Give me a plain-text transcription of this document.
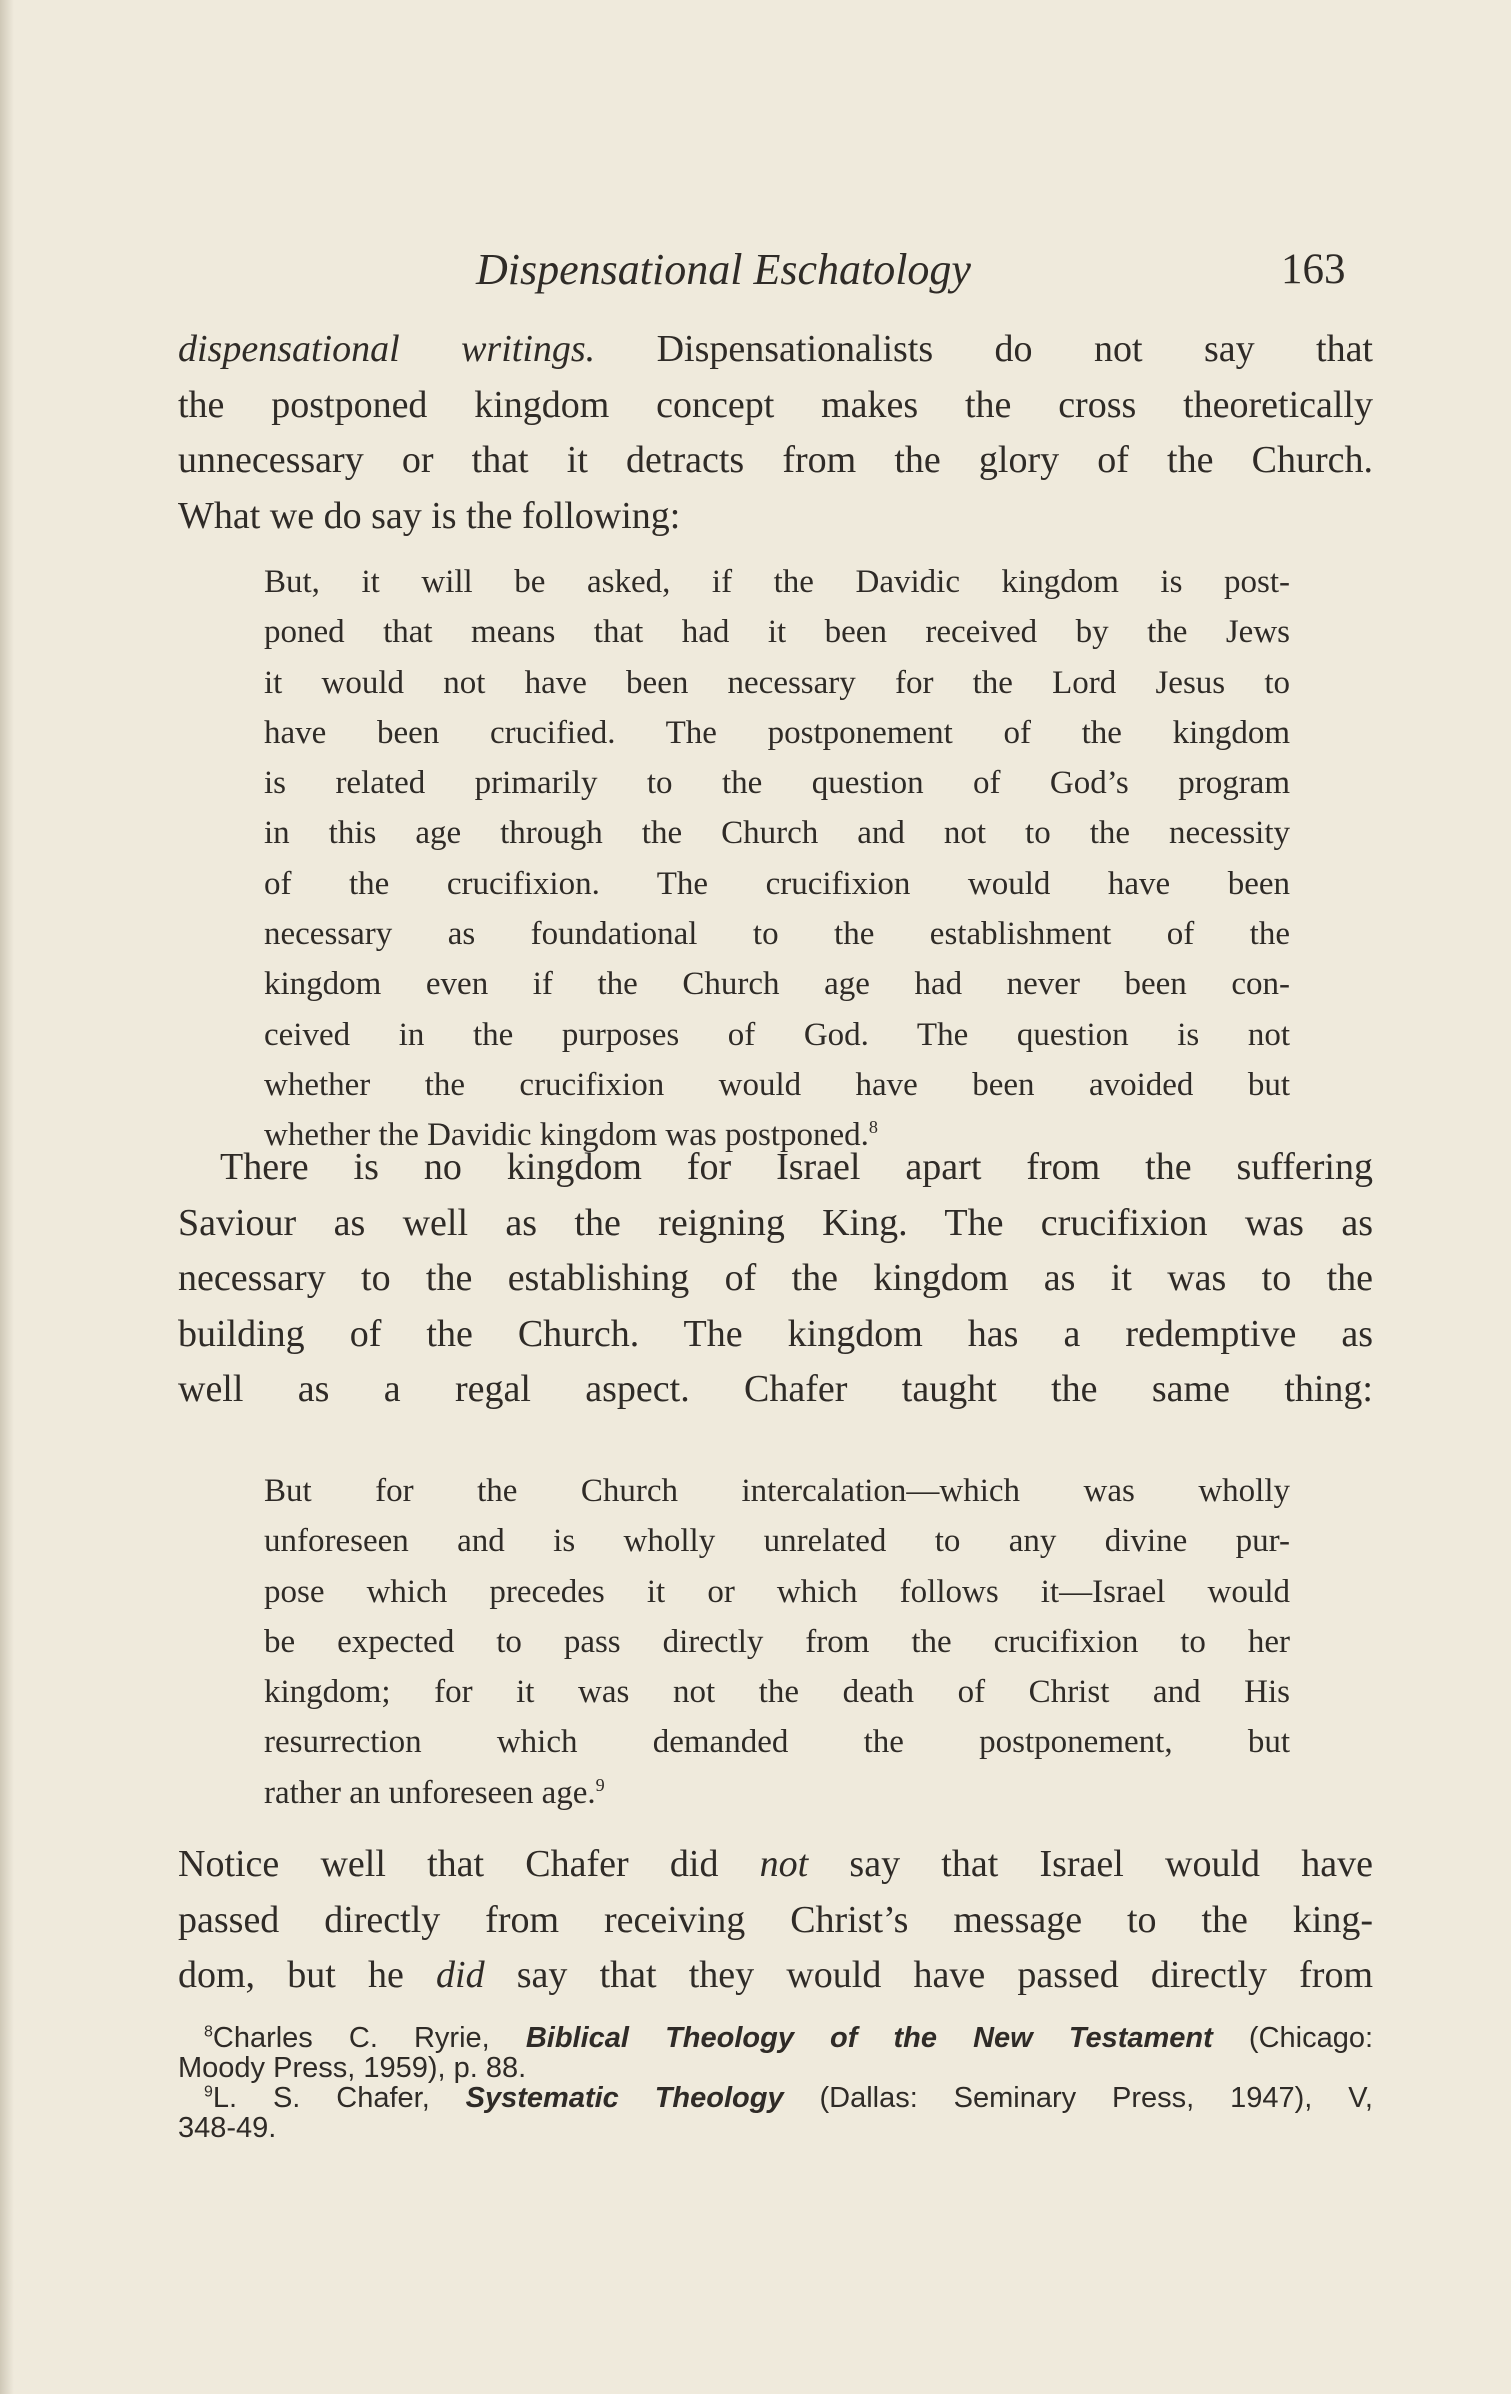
Dispensational Eschatology	163
dispensational writings. Dispensationalists do not say that
the postponed kingdom concept makes the cross theoretically
unnecessary or that it detracts from the glory of the Church.
What we do say is the following:
But, it will be asked, if the Davidic kingdom is post-
poned that means that had it been received by the Jews
it would not have been necessary for the Lord Jesus to
have been crucified. The postponement of the kingdom
is related primarily to the question of God’s program
in this age through the Church and not to the necessity
of the crucifixion. The crucifixion would have been
necessary as foundational to the establishment of the
kingdom even if the Church age had never been con-
ceived in the purposes of God. The question is not
whether the crucifixion would have been avoided but
whether the Davidic kingdom was postponed.$^8$
There is no kingdom for Israel apart from the suffering
Saviour as well as the reigning King. The crucifixion was as
necessary to the establishing of the kingdom as it was to the
building of the Church. The kingdom has a redemptive as
well as a regal aspect. Chafer taught the same thing:
But for the Church intercalation—which was wholly
unforeseen and is wholly unrelated to any divine pur-
pose which precedes it or which follows it—Israel would
be expected to pass directly from the crucifixion to her
kingdom; for it was not the death of Christ and His
resurrection which demanded the postponement, but
rather an unforeseen age.$^9$
Notice well that Chafer did not say that Israel would have
passed directly from receiving Christ’s message to the king-
dom, but he did say that they would have passed directly from
$^8$Charles C. Ryrie, Biblical Theology of the New Testament (Chicago:
Moody Press, 1959), p. 88.
$^9$L. S. Chafer, Systematic Theology (Dallas: Seminary Press, 1947), V,
348-49.
